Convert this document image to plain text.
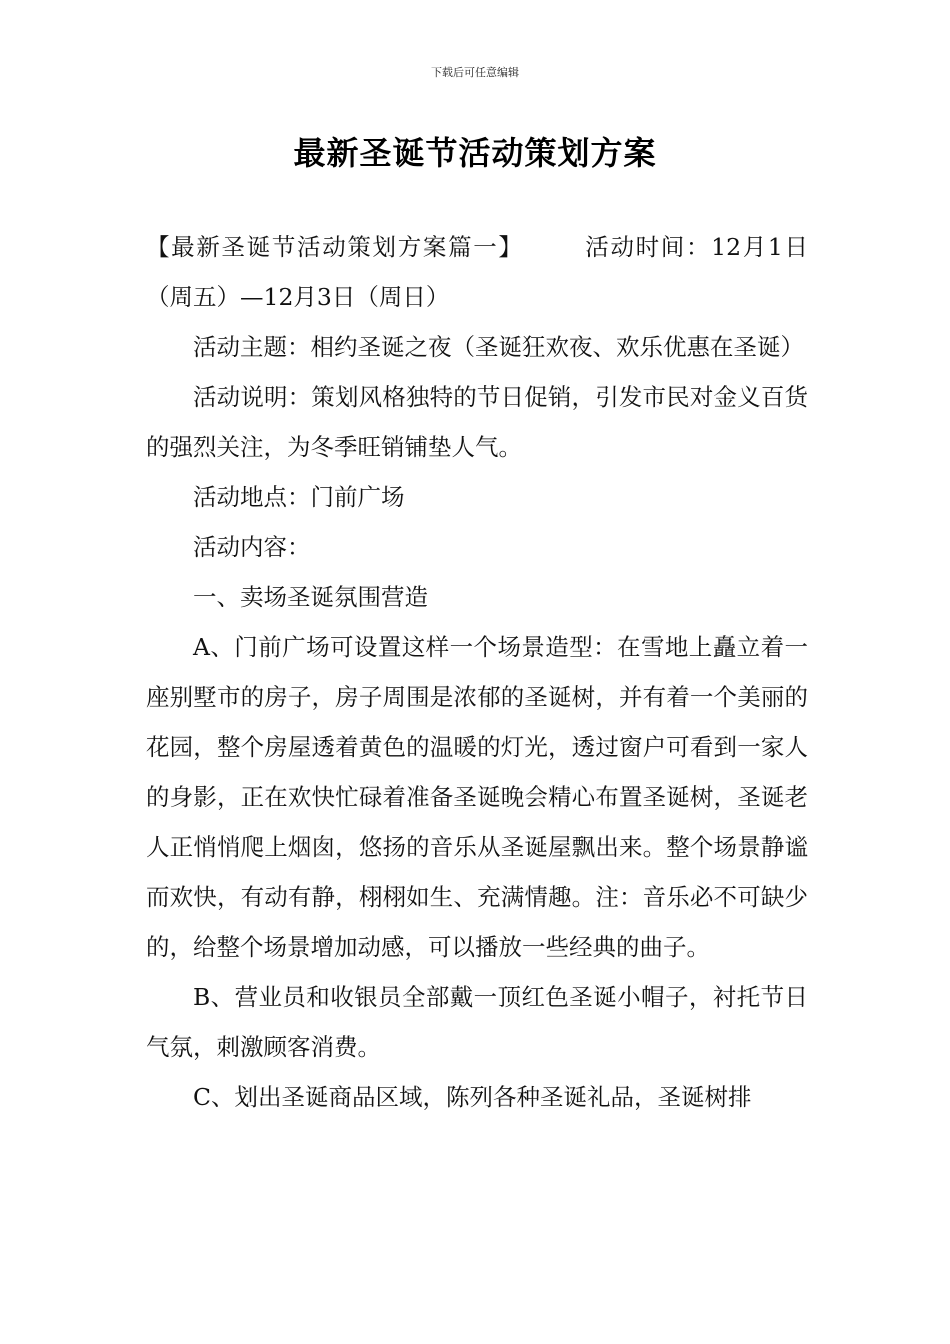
下载后可任意编辑
最新圣诞节活动策划方案

【最新圣诞节活动策划方案篇一】	活动时间：12月1日（周五）—12月3日（周日）

活动主题：相约圣诞之夜（圣诞狂欢夜、欢乐优惠在圣诞）

活动说明：策划风格独特的节日促销，引发市民对金义百货的强烈关注，为冬季旺销铺垫人气。

活动地点：门前广场

活动内容：

一、卖场圣诞氛围营造

A、门前广场可设置这样一个场景造型：在雪地上矗立着一座别墅市的房子，房子周围是浓郁的圣诞树，并有着一个美丽的花园，整个房屋透着黄色的温暖的灯光，透过窗户可看到一家人的身影，正在欢快忙碌着准备圣诞晚会精心布置圣诞树，圣诞老人正悄悄爬上烟囱，悠扬的音乐从圣诞屋飘出来。整个场景静谧而欢快，有动有静，栩栩如生、充满情趣。注：音乐必不可缺少的，给整个场景增加动感，可以播放一些经典的曲子。

B、营业员和收银员全部戴一顶红色圣诞小帽子，衬托节日气氛，刺激顾客消费。

C、划出圣诞商品区域，陈列各种圣诞礼品，圣诞树排
